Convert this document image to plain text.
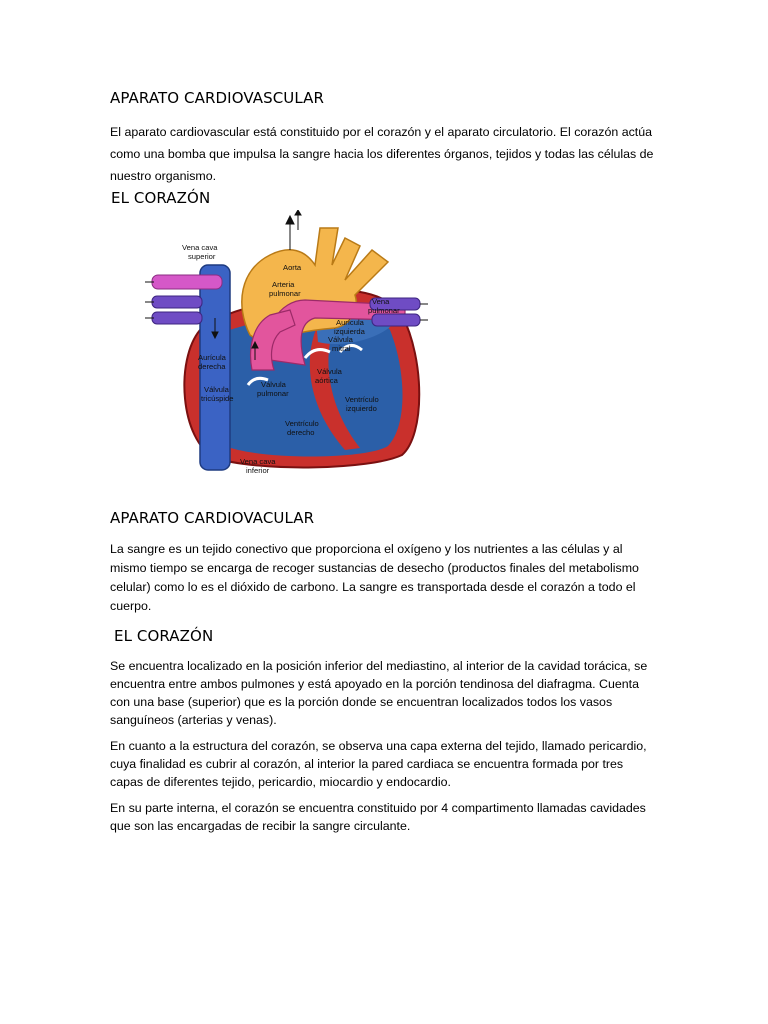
APARATO CARDIOVASCULAR

El aparato cardiovascular está constituido por el corazón y el aparato circulatorio. El corazón actúa como una bomba que impulsa la sangre hacia los diferentes órganos, tejidos y todas las células de nuestro organismo.

EL CORAZÓN
Vena cava
superior
Aorta
Arteria
pulmonar
Vena
pulmonar
Aurícula
izquierda
Válvula
mitral
Aurícula
derecha
Válvula
aórtica
Válvula
tricúspide
Válvula
pulmonar
Ventrículo
izquierdo
Ventrículo
derecho
Vena cava
inferior
APARATO CARDIOVACULAR

La sangre es un tejido conectivo que proporciona el oxígeno y los nutrientes a las células y al mismo tiempo se encarga de recoger sustancias de desecho (productos finales del metabolismo celular) como lo es el dióxido de carbono. La sangre es transportada desde el corazón a todo el cuerpo.

EL CORAZÓN

Se encuentra localizado en la posición inferior del mediastino, al interior de la cavidad torácica, se encuentra entre ambos pulmones y está apoyado en la porción tendinosa del diafragma. Cuenta con una base (superior) que es la porción donde se encuentran localizados todos los vasos sanguíneos (arterias y venas).

En cuanto a la estructura del corazón, se observa una capa externa del tejido, llamado pericardio, cuya finalidad es cubrir al corazón, al interior la pared cardiaca se encuentra formada por tres capas de diferentes tejido, pericardio, miocardio y endocardio.

En su parte interna, el corazón se encuentra constituido por 4 compartimento llamadas cavidades que son las encargadas de recibir la sangre circulante.
